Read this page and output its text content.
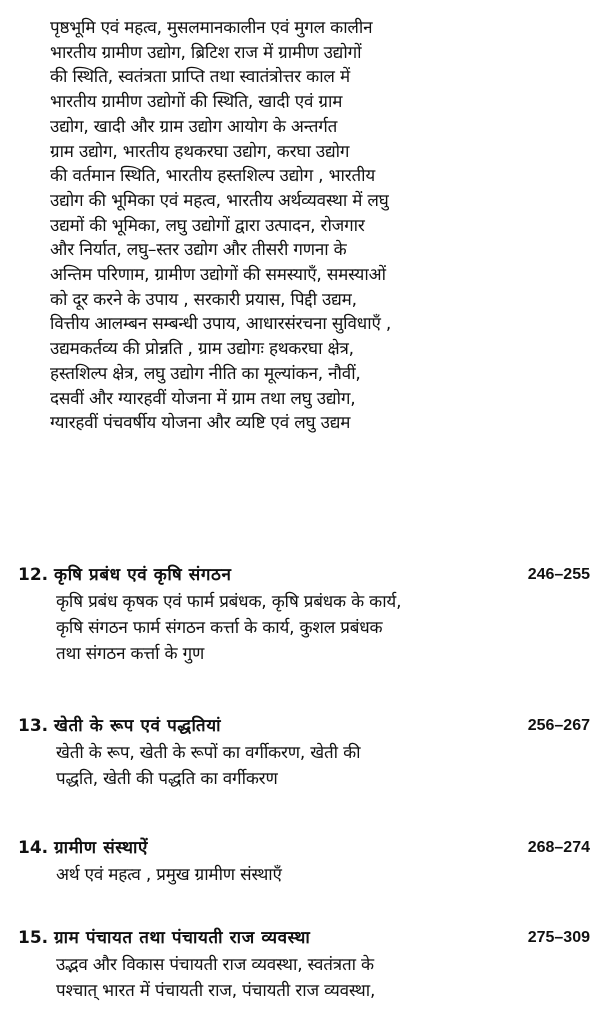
पृष्ठभूमि एवं महत्व, मुसलमानकालीन एवं मुगल कालीन
भारतीय ग्रामीण उद्योग, ब्रिटिश राज में ग्रामीण उद्योगों
की स्थिति, स्वतंत्रता प्राप्ति तथा स्वातंत्रोत्तर काल में
भारतीय ग्रामीण उद्योगों की स्थिति, खादी एवं ग्राम
उद्योग, खादी और ग्राम उद्योग आयोग के अन्तर्गत
ग्राम उद्योग, भारतीय हथकरघा उद्योग, करघा उद्योग
की वर्तमान स्थिति, भारतीय हस्तशिल्प उद्योग , भारतीय
उद्योग की भूमिका एवं महत्व, भारतीय अर्थव्यवस्था में लघु
उद्यमों की भूमिका, लघु उद्योगों द्वारा उत्पादन, रोजगार
और निर्यात, लघु–स्तर उद्योग और तीसरी गणना के
अन्तिम परिणाम, ग्रामीण उद्योगों की समस्याएँ, समस्याओं
को दूर करने के उपाय , सरकारी प्रयास, पिद्दी उद्यम,
वित्तीय आलम्बन सम्बन्धी उपाय, आधारसंरचना सुविधाएँ ,
उद्यमकर्तव्य की प्रोन्नति , ग्राम उद्योगः हथकरघा क्षेत्र,
हस्तशिल्प क्षेत्र, लघु उद्योग नीति का मूल्यांकन, नौवीं,
दसवीं और ग्यारहवीं योजना में ग्राम तथा लघु उद्योग,
ग्यारहवीं पंचवर्षीय योजना और व्यष्टि एवं लघु उद्यम
12. कृषि प्रबंध एवं कृषि संगठन	246–255
कृषि प्रबंध कृषक एवं फार्म प्रबंधक, कृषि प्रबंधक के कार्य,
कृषि संगठन फार्म संगठन कर्त्ता के कार्य, कुशल प्रबंधक
तथा संगठन कर्त्ता के गुण
13. खेती के रूप एवं पद्धतियां	256–267
खेती के रूप, खेती के रूपों का वर्गीकरण, खेती की
पद्धति, खेती की पद्धति का वर्गीकरण
14. ग्रामीण संस्थाऐं	268–274
अर्थ एवं महत्व , प्रमुख ग्रामीण संस्थाएँ
15. ग्राम पंचायत तथा पंचायती राज व्यवस्था	275–309
उद्भव और विकास पंचायती राज व्यवस्था, स्वतंत्रता के
पश्चात् भारत में पंचायती राज, पंचायती राज व्यवस्था,
